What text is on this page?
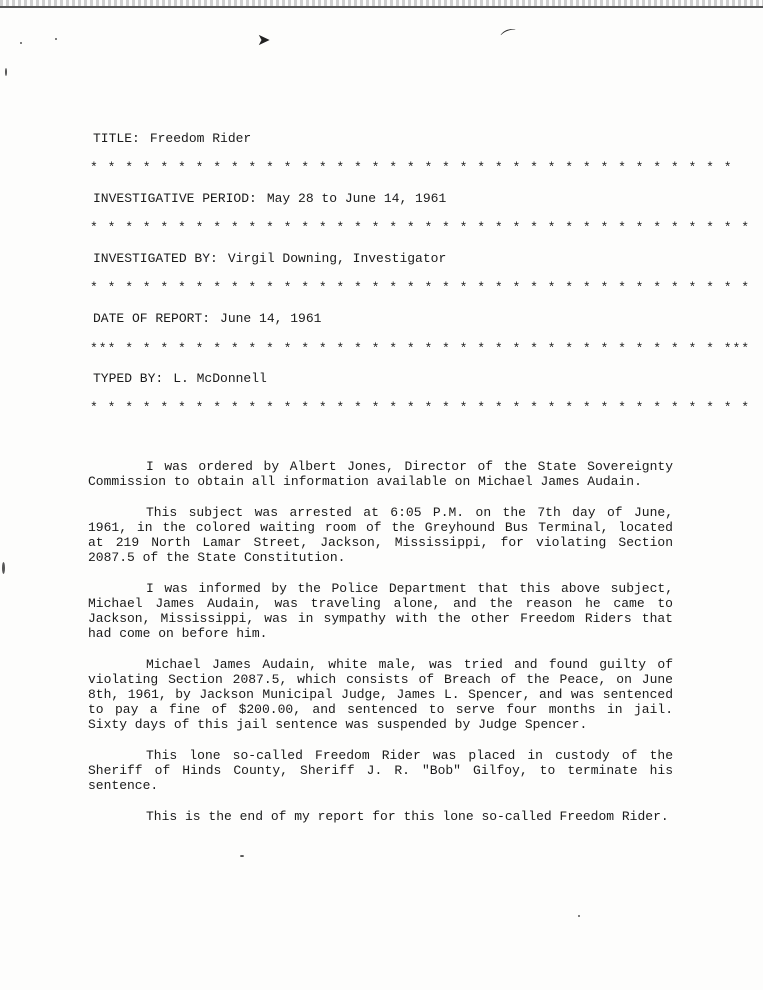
➤	⌒
TITLE: Freedom Rider
* * * * * * * * * * * * * * * * * * * * * * * * * * * * * * * * * * * * *
INVESTIGATIVE PERIOD: May 28 to June 14, 1961
* * * * * * * * * * * * * * * * * * * * * * * * * * * * * * * * * * * * * *
INVESTIGATED BY: Virgil Downing, Investigator
* * * * * * * * * * * * * * * * * * * * * * * * * * * * * * * * * * * * * *
DATE OF REPORT: June 14, 1961
*** * * * * * * * * * * * * * * * * * * * * * * * * * * * * * * * * * * ***
TYPED BY: L. McDonnell
* * * * * * * * * * * * * * * * * * * * * * * * * * * * * * * * * * * * * *

I was ordered by Albert Jones, Director of the State Sovereignty Commission to obtain all information available on Michael James Audain.

This subject was arrested at 6:05 P.M. on the 7th day of June, 1961, in the colored waiting room of the Greyhound Bus Terminal, located at 219 North Lamar Street, Jackson, Mississippi, for violating Section 2087.5 of the State Constitution.

I was informed by the Police Department that this above subject, Michael James Audain, was traveling alone, and the reason he came to Jackson, Mississippi, was in sympathy with the other Freedom Riders that had come on before him.

Michael James Audain, white male, was tried and found guilty of violating Section 2087.5, which consists of Breach of the Peace, on June 8th, 1961, by Jackson Municipal Judge, James L. Spencer, and was sentenced to pay a fine of $200.00, and sentenced to serve four months in jail. Sixty days of this jail sentence was suspended by Judge Spencer.

This lone so-called Freedom Rider was placed in custody of the Sheriff of Hinds County, Sheriff J. R. "Bob" Gilfoy, to terminate his sentence.

This is the end of my report for this lone so-called Freedom Rider.
